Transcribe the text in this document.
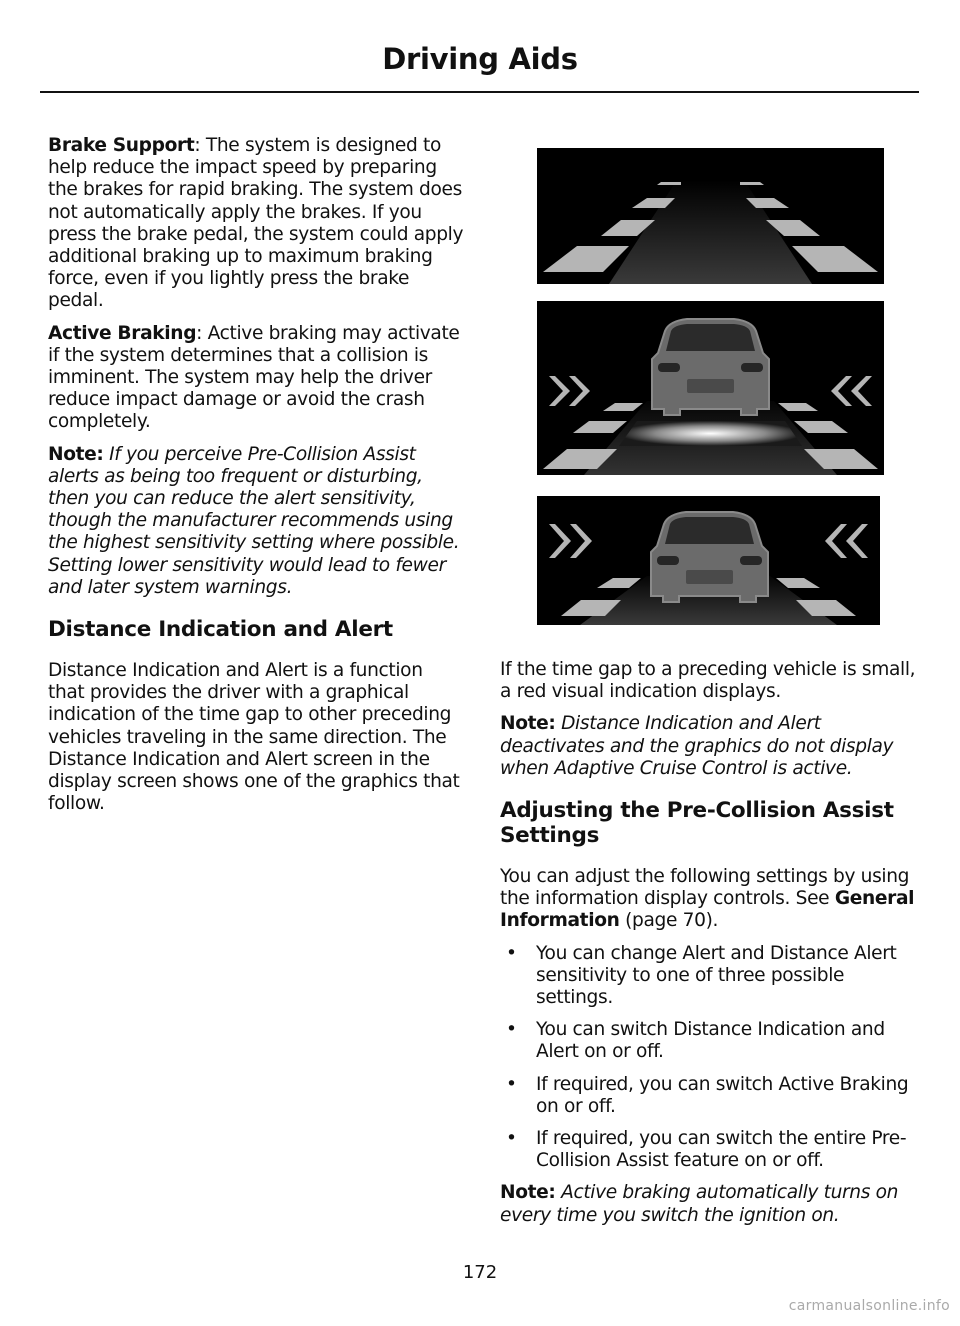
Driving Aids

Brake Support: The system is designed to help reduce the impact speed by preparing the brakes for rapid braking. The system does not automatically apply the brakes. If you press the brake pedal, the system could apply additional braking up to maximum braking force, even if you lightly press the brake pedal.

Active Braking: Active braking may activate if the system determines that a collision is imminent. The system may help the driver reduce impact damage or avoid the crash completely.

Note: If you perceive Pre-Collision Assist alerts as being too frequent or disturbing, then you can reduce the alert sensitivity, though the manufacturer recommends using the highest sensitivity setting where possible. Setting lower sensitivity would lead to fewer and later system warnings.

Distance Indication and Alert

Distance Indication and Alert is a function that provides the driver with a graphical indication of the time gap to other preceding vehicles traveling in the same direction. The Distance Indication and Alert screen in the display screen shows one of the graphics that follow.

If the time gap to a preceding vehicle is small, a red visual indication displays.

Note: Distance Indication and Alert deactivates and the graphics do not display when Adaptive Cruise Control is active.

Adjusting the Pre-Collision Assist Settings

You can adjust the following settings by using the information display controls. See General Information (page 70).

• You can change Alert and Distance Alert sensitivity to one of three possible settings.
• You can switch Distance Indication and Alert on or off.
• If required, you can switch Active Braking on or off.
• If required, you can switch the entire Pre-Collision Assist feature on or off.

Note: Active braking automatically turns on every time you switch the ignition on.

172
carmanualsonline.info
